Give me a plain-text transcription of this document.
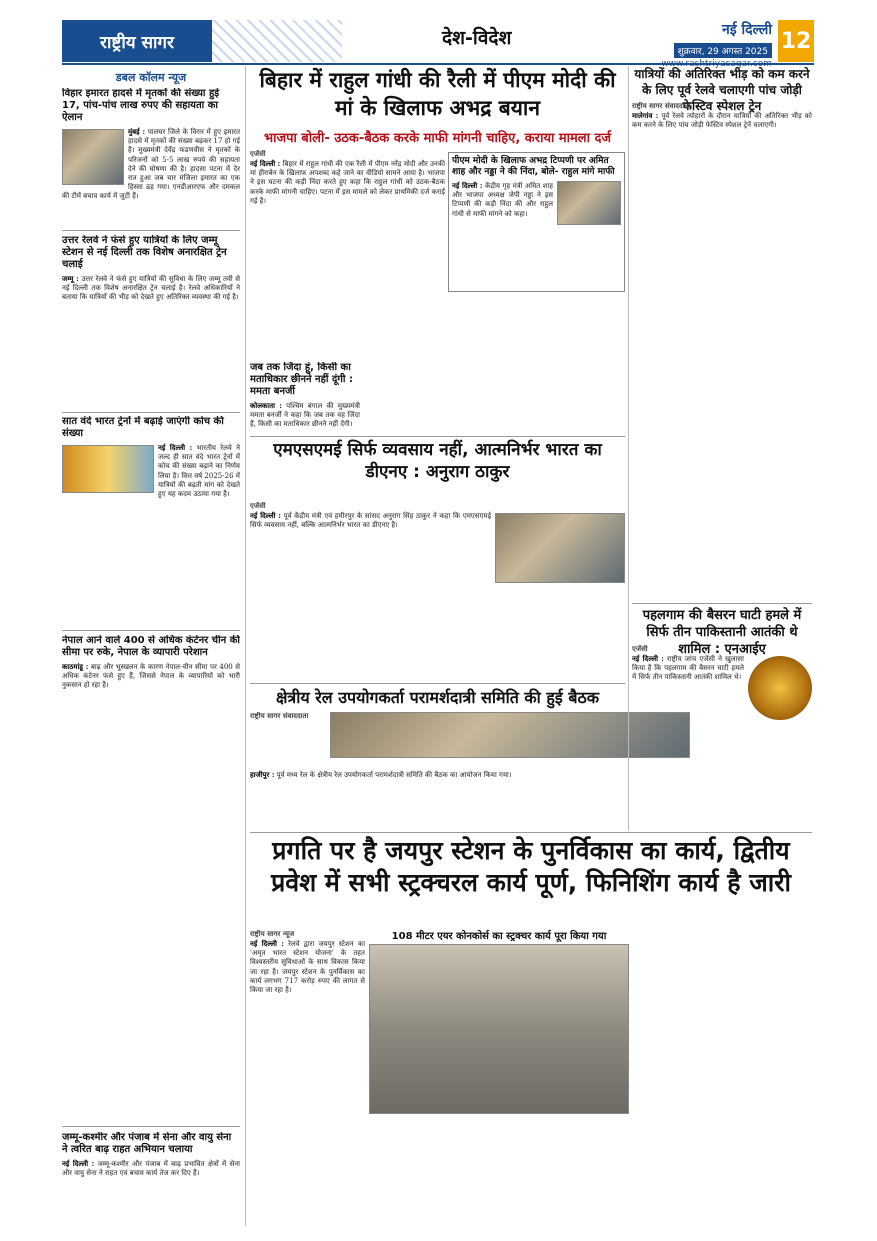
राष्ट्रीय सागर	देश-विदेश	नई दिल्ली
शुक्रवार, 29 अगस्त 2025 12
डबल कॉलम न्यूज
विहार इमारत हादसे में मृतकों की संख्या हुई 17, पांच-पांच लाख रुपए की सहायता का ऐलान
मुंबई : पालघर जिले के विरार में हुए इमारत हादसे में मृतकों की संख्या बढ़कर 17 हो गई है। मुख्यमंत्री देवेंद्र फडणवीस ने मृतकों के परिजनों को 5-5 लाख रुपये की सहायता देने की घोषणा की है। हादसा पटना में देर रात हुआ जब चार मंजिला इमारत का एक हिस्सा ढह गया। एनडीआरएफ और दमकल की टीमें बचाव कार्य में जुटी हैं।
उत्तर रेलवे ने फंसे हुए यात्रियों के लिए जम्मू स्टेशन से नई दिल्ली तक विशेष अनारक्षित ट्रेन चलाई
जम्मू : उत्तर रेलवे ने फंसे हुए यात्रियों की सुविधा के लिए जम्मू तवी से नई दिल्ली तक विशेष अनारक्षित ट्रेन चलाई है। रेलवे अधिकारियों ने बताया कि यात्रियों की भीड़ को देखते हुए अतिरिक्त व्यवस्था की गई है।
सात वंदे भारत ट्रेनों में बढ़ाई जाएंगी कोच की संख्या
नई दिल्ली : भारतीय रेलवे ने जल्द ही सात वंदे भारत ट्रेनों में कोच की संख्या बढ़ाने का निर्णय लिया है। वित्त वर्ष 2025-26 में यात्रियों की बढ़ती मांग को देखते हुए यह कदम उठाया गया है।
नेपाल आने वाले 400 से अधिक कंटेनर चीन की सीमा पर रुके, नेपाल के व्यापारी परेशान
काठमांडू : बाढ़ और भूस्खलन के कारण नेपाल-चीन सीमा पर 400 से अधिक कंटेनर फंसे हुए हैं, जिससे नेपाल के व्यापारियों को भारी नुकसान हो रहा है।
जम्मू-कश्मीर और पंजाब में सेना और वायु सेना ने त्वरित बाढ़ राहत अभियान चलाया
नई दिल्ली : जम्मू-कश्मीर और पंजाब में बाढ़ प्रभावित क्षेत्रों में सेना और वायु सेना ने राहत एवं बचाव कार्य तेज कर दिए हैं।
बिहार में राहुल गांधी की रैली में पीएम मोदी की मां के खिलाफ अभद्र बयान
भाजपा बोली- उठक-बैठक करके माफी मांगनी चाहिए, कराया मामला दर्ज
एजेंसी
नई दिल्ली : बिहार में राहुल गांधी की एक रैली में पीएम नरेंद्र मोदी और उनकी मां हीराबेन के खिलाफ अपशब्द कहे जाने का वीडियो सामने आया है। भाजपा ने इस घटना की कड़ी निंदा करते हुए कहा कि राहुल गांधी को उठक-बैठक करके माफी मांगनी चाहिए। पटना में इस मामले को लेकर प्राथमिकी दर्ज कराई गई है।
जब तक जिंदा हूं, किसी का मताधिकार छीनने नहीं दूंगी : ममता बनर्जी
कोलकाता : पश्चिम बंगाल की मुख्यमंत्री ममता बनर्जी ने कहा कि जब तक वह जिंदा हैं, किसी का मताधिकार छीनने नहीं देंगी।
पीएम मोदी के खिलाफ अभद्र टिप्पणी पर अमित शाह और नड्डा ने की निंदा, बोले- राहुल मांगे माफी
नई दिल्ली : केंद्रीय गृह मंत्री अमित शाह और भाजपा अध्यक्ष जेपी नड्डा ने इस टिप्पणी की कड़ी निंदा की और राहुल गांधी से माफी मांगने को कहा।
एमएसएमई सिर्फ व्यवसाय नहीं, आत्मनिर्भर भारत का डीएनए : अनुराग ठाकुर
एजेंसी
नई दिल्ली : पूर्व केंद्रीय मंत्री एवं हमीरपुर के सांसद अनुराग सिंह ठाकुर ने कहा कि एमएसएमई सिर्फ व्यवसाय नहीं, बल्कि आत्मनिर्भर भारत का डीएनए है।
क्षेत्रीय रेल उपयोगकर्ता परामर्शदात्री समिति की हुई बैठक
राष्ट्रीय सागर संवाददाता
हाजीपुर : पूर्व मध्य रेल के क्षेत्रीय रेल उपयोगकर्ता परामर्शदात्री समिति की बैठक का आयोजन किया गया।
यात्रियों की अतिरिक्त भीड़ को कम करने के लिए पूर्व रेलवे चलाएगी पांच जोड़ी फेस्टिव स्पेशल ट्रेन
राष्ट्रीय सागर संवाददाता
मालेगांव : पूर्व रेलवे त्योहारों के दौरान यात्रियों की अतिरिक्त भीड़ को कम करने के लिए पांच जोड़ी फेस्टिव स्पेशल ट्रेनें चलाएगी।
पहलगाम की बैसरन घाटी हमले में सिर्फ तीन पाकिस्तानी आतंकी थे शामिल : एनआईए
एजेंसी
नई दिल्ली : राष्ट्रीय जांच एजेंसी ने खुलासा किया है कि पहलगाम की बैसरन घाटी हमले में सिर्फ तीन पाकिस्तानी आतंकी शामिल थे।
प्रगति पर है जयपुर स्टेशन के पुनर्विकास का कार्य, द्वितीय प्रवेश में सभी स्ट्रक्चरल कार्य पूर्ण, फिनिशिंग कार्य है जारी
राष्ट्रीय सागर न्यूज
नई दिल्ली : रेलवे द्वारा जयपुर स्टेशन का 'अमृत भारत स्टेशन योजना' के तहत विश्वस्तरीय सुविधाओं के साथ विकास किया जा रहा है। जयपुर स्टेशन के पुनर्विकास का कार्य लगभग 717 करोड़ रुपए की लागत से किया जा रहा है।
108 मीटर एयर कोनकोर्स का स्ट्रक्चर कार्य पूरा किया गया
